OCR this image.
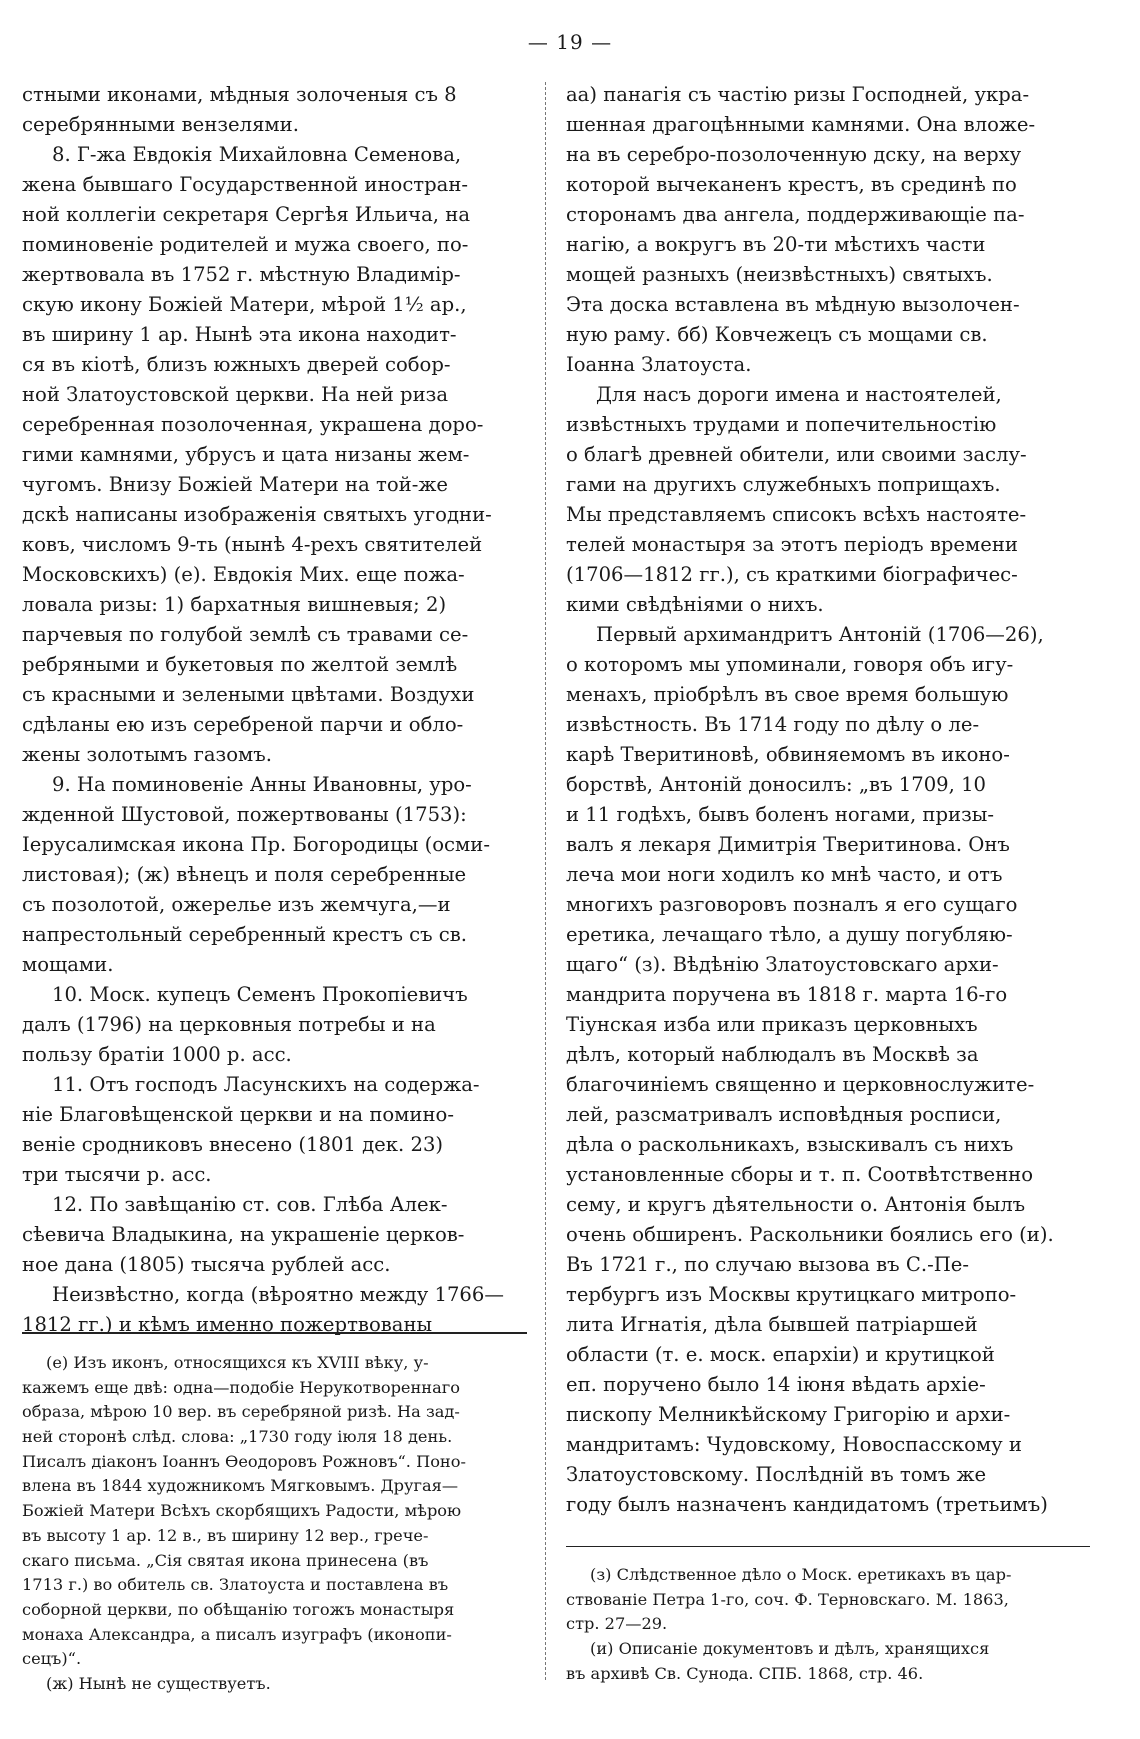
— 19 —
стными иконами, мѣдныя золоченыя съ 8
серебрянными вензелями.
8. Г-жа Евдокія Михайловна Семенова,
жена бывшаго Государственной иностран-
ной коллегіи секретаря Сергѣя Ильича, на
поминовеніе родителей и мужа своего, по-
жертвовала въ 1752 г. мѣстную Владимір-
скую икону Божіей Матери, мѣрой 1½ ар.,
въ ширину 1 ар. Нынѣ эта икона находит-
ся въ кіотѣ, близъ южныхъ дверей собор-
ной Златоустовской церкви. На ней риза
серебренная позолоченная, украшена доро-
гими камнями, убрусъ и цата низаны жем-
чугомъ. Внизу Божіей Матери на той-же
дскѣ написаны изображенія святыхъ угодни-
ковъ, числомъ 9-ть (нынѣ 4-рехъ святителей
Московскихъ) (е). Евдокія Мих. еще пожа-
ловала ризы: 1) бархатныя вишневыя; 2)
парчевыя по голубой землѣ съ травами се-
ребряными и букетовыя по желтой землѣ
съ красными и зелеными цвѣтами. Воздухи
сдѣланы ею изъ серебреной парчи и обло-
жены золотымъ газомъ.
9. На поминовеніе Анны Ивановны, уро-
жденной Шустовой, пожертвованы (1753):
Іерусалимская икона Пр. Богородицы (осми-
листовая); (ж) вѣнецъ и поля серебренные
съ позолотой, ожерелье изъ жемчуга,—и
напрестольный серебренный крестъ съ св.
мощами.
10. Моск. купецъ Семенъ Прокопіевичъ
далъ (1796) на церковныя потребы и на
пользу братіи 1000 р. асс.
11. Отъ господъ Ласунскихъ на содержа-
ніе Благовѣщенской церкви и на помино-
веніе сродниковъ внесено (1801 дек. 23)
три тысячи р. асс.
12. По завѣщанію ст. сов. Глѣба Алек-
сѣевича Владыкина, на украшеніе церков-
ное дана (1805) тысяча рублей асс.
Неизвѣстно, когда (вѣроятно между 1766—
1812 гг.) и кѣмъ именно пожертвованы
аа) панагія съ частію ризы Господней, укра-
шенная драгоцѣнными камнями. Она вложе-
на въ серебро-позолоченную дску, на верху
которой вычеканенъ крестъ, въ срединѣ по
сторонамъ два ангела, поддерживающіе па-
нагію, а вокругъ въ 20-ти мѣстихъ части
мощей разныхъ (неизвѣстныхъ) святыхъ.
Эта доска вставлена въ мѣдную вызолочен-
ную раму. бб) Ковчежецъ съ мощами св.
Іоанна Златоуста.
Для насъ дороги имена и настоятелей,
извѣстныхъ трудами и попечительностію
о благѣ древней обители, или своими заслу-
гами на другихъ служебныхъ поприщахъ.
Мы представляемъ списокъ всѣхъ настояте-
телей монастыря за этотъ періодъ времени
(1706—1812 гг.), съ краткими біографичес-
кими свѣдѣніями о нихъ.
Первый архимандритъ Антоній (1706—26),
о которомъ мы упоминали, говоря объ игу-
менахъ, пріобрѣлъ въ свое время большую
извѣстность. Въ 1714 году по дѣлу о ле-
карѣ Тверитиновѣ, обвиняемомъ въ иконо-
борствѣ, Антоній доносилъ: „въ 1709, 10
и 11 годѣхъ, бывъ боленъ ногами, призы-
валъ я лекаря Димитрія Тверитинова. Онъ
леча мои ноги ходилъ ко мнѣ часто, и отъ
многихъ разговоровъ позналъ я его сущаго
еретика, лечащаго тѣло, а душу погубляю-
щаго“ (з). Вѣдѣнію Златоустовскаго архи-
мандрита поручена въ 1818 г. марта 16-го
Тіунская изба или приказъ церковныхъ
дѣлъ, который наблюдалъ въ Москвѣ за
благочиніемъ священно и церковнослужите-
лей, разсматривалъ исповѣдныя росписи,
дѣла о раскольникахъ, взыскивалъ съ нихъ
установленные сборы и т. п. Соотвѣтственно
сему, и кругъ дѣятельности о. Антонія былъ
очень обширенъ. Раскольники боялись его (и).
Въ 1721 г., по случаю вызова въ С.-Пе-
тербургъ изъ Москвы крутицкаго митропо-
лита Игнатія, дѣла бывшей патріаршей
области (т. е. моск. епархіи) и крутицкой
еп. поручено было 14 іюня вѣдать архіе-
пископу Мелникѣйскому Григорію и архи-
мандритамъ: Чудовскому, Новоспасскому и
Златоустовскому. Послѣдній въ томъ же
году былъ назначенъ кандидатомъ (третьимъ)
(е) Изъ иконъ, относящихся къ XVIII вѣку, у-
кажемъ еще двѣ: одна—подобіе Нерукотвореннаго
образа, мѣрою 10 вер. въ серебряной ризѣ. На зад-
ней сторонѣ слѣд. слова: „1730 году іюля 18 день.
Писалъ діаконъ Іоаннъ Ѳеодоровъ Рожновъ“. Поно-
влена въ 1844 художникомъ Мягковымъ. Другая—
Божіей Матери Всѣхъ скорбящихъ Радости, мѣрою
въ высоту 1 ар. 12 в., въ ширину 12 вер., грече-
скаго письма. „Сія святая икона принесена (въ
1713 г.) во обитель св. Златоуста и поставлена въ
соборной церкви, по обѣщанію тогожъ монастыря
монаха Александра, а писалъ изуграфъ (иконопи-
сецъ)“.
(ж) Нынѣ не существуетъ.
(з) Слѣдственное дѣло о Моск. еретикахъ въ цар-
ствованіе Петра 1-го, соч. Ф. Терновскаго. М. 1863,
стр. 27—29.
(и) Описаніе документовъ и дѣлъ, хранящихся
въ архивѣ Св. Сунода. СПБ. 1868, стр. 46.
